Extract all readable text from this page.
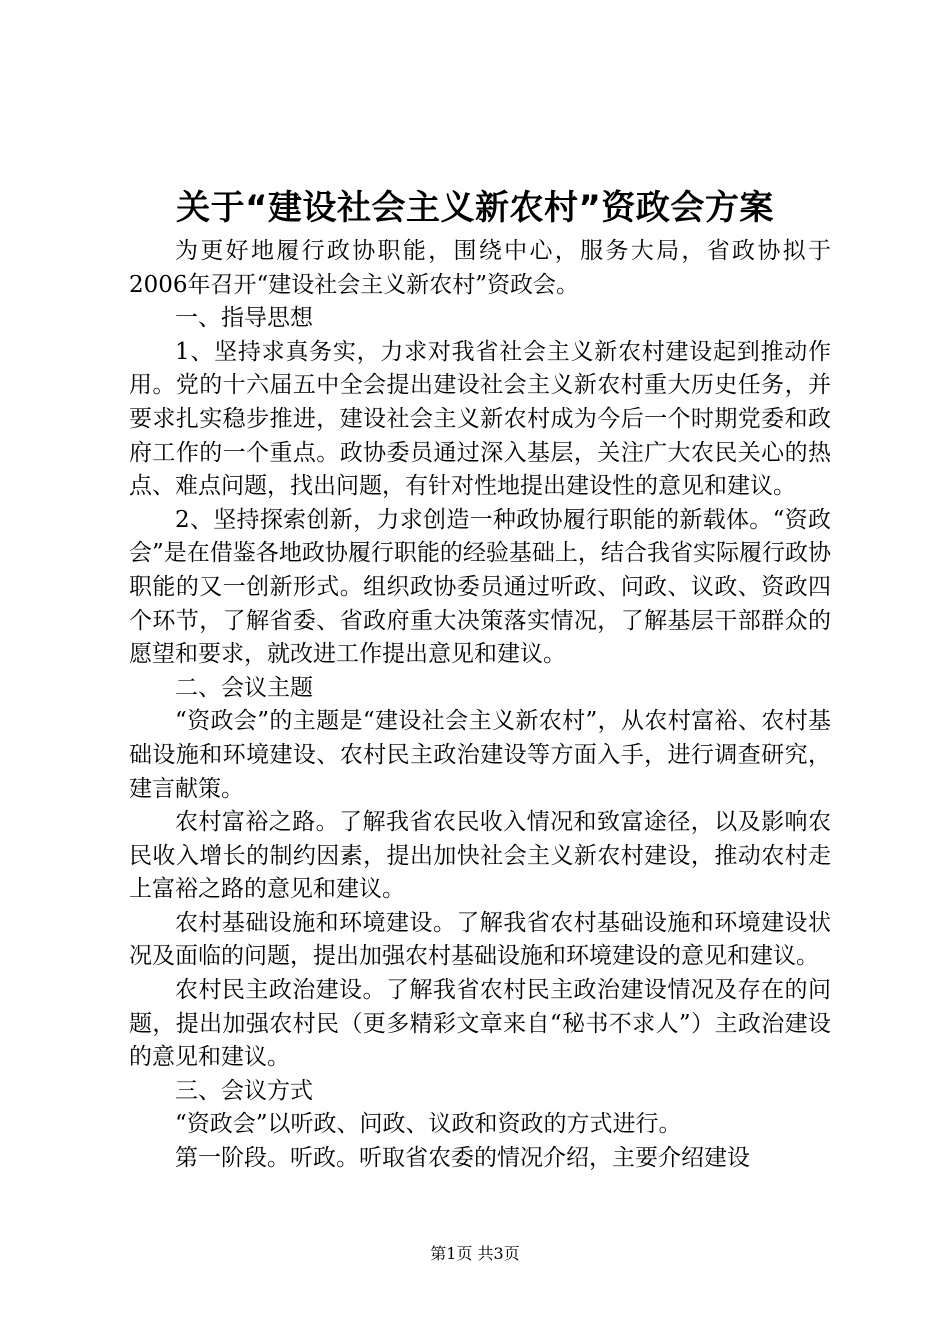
关于“建设社会主义新农村”资政会方案

为更好地履行政协职能，围绕中心，服务大局，省政协拟于2006年召开“建设社会主义新农村”资政会。

一、指导思想

1、坚持求真务实，力求对我省社会主义新农村建设起到推动作用。党的十六届五中全会提出建设社会主义新农村重大历史任务，并要求扎实稳步推进，建设社会主义新农村成为今后一个时期党委和政府工作的一个重点。政协委员通过深入基层，关注广大农民关心的热点、难点问题，找出问题，有针对性地提出建设性的意见和建议。

2、坚持探索创新，力求创造一种政协履行职能的新载体。“资政会”是在借鉴各地政协履行职能的经验基础上，结合我省实际履行政协职能的又一创新形式。组织政协委员通过听政、问政、议政、资政四个环节，了解省委、省政府重大决策落实情况，了解基层干部群众的愿望和要求，就改进工作提出意见和建议。

二、会议主题

“资政会”的主题是“建设社会主义新农村”，从农村富裕、农村基础设施和环境建设、农村民主政治建设等方面入手，进行调查研究，建言献策。

农村富裕之路。了解我省农民收入情况和致富途径，以及影响农民收入增长的制约因素，提出加快社会主义新农村建设，推动农村走上富裕之路的意见和建议。

农村基础设施和环境建设。了解我省农村基础设施和环境建设状况及面临的问题，提出加强农村基础设施和环境建设的意见和建议。

农村民主政治建设。了解我省农村民主政治建设情况及存在的问题，提出加强农村民（更多精彩文章来自“秘书不求人”）主政治建设的意见和建议。

三、会议方式

“资政会”以听政、问政、议政和资政的方式进行。

第一阶段。听政。听取省农委的情况介绍，主要介绍建设

第1页 共3页
